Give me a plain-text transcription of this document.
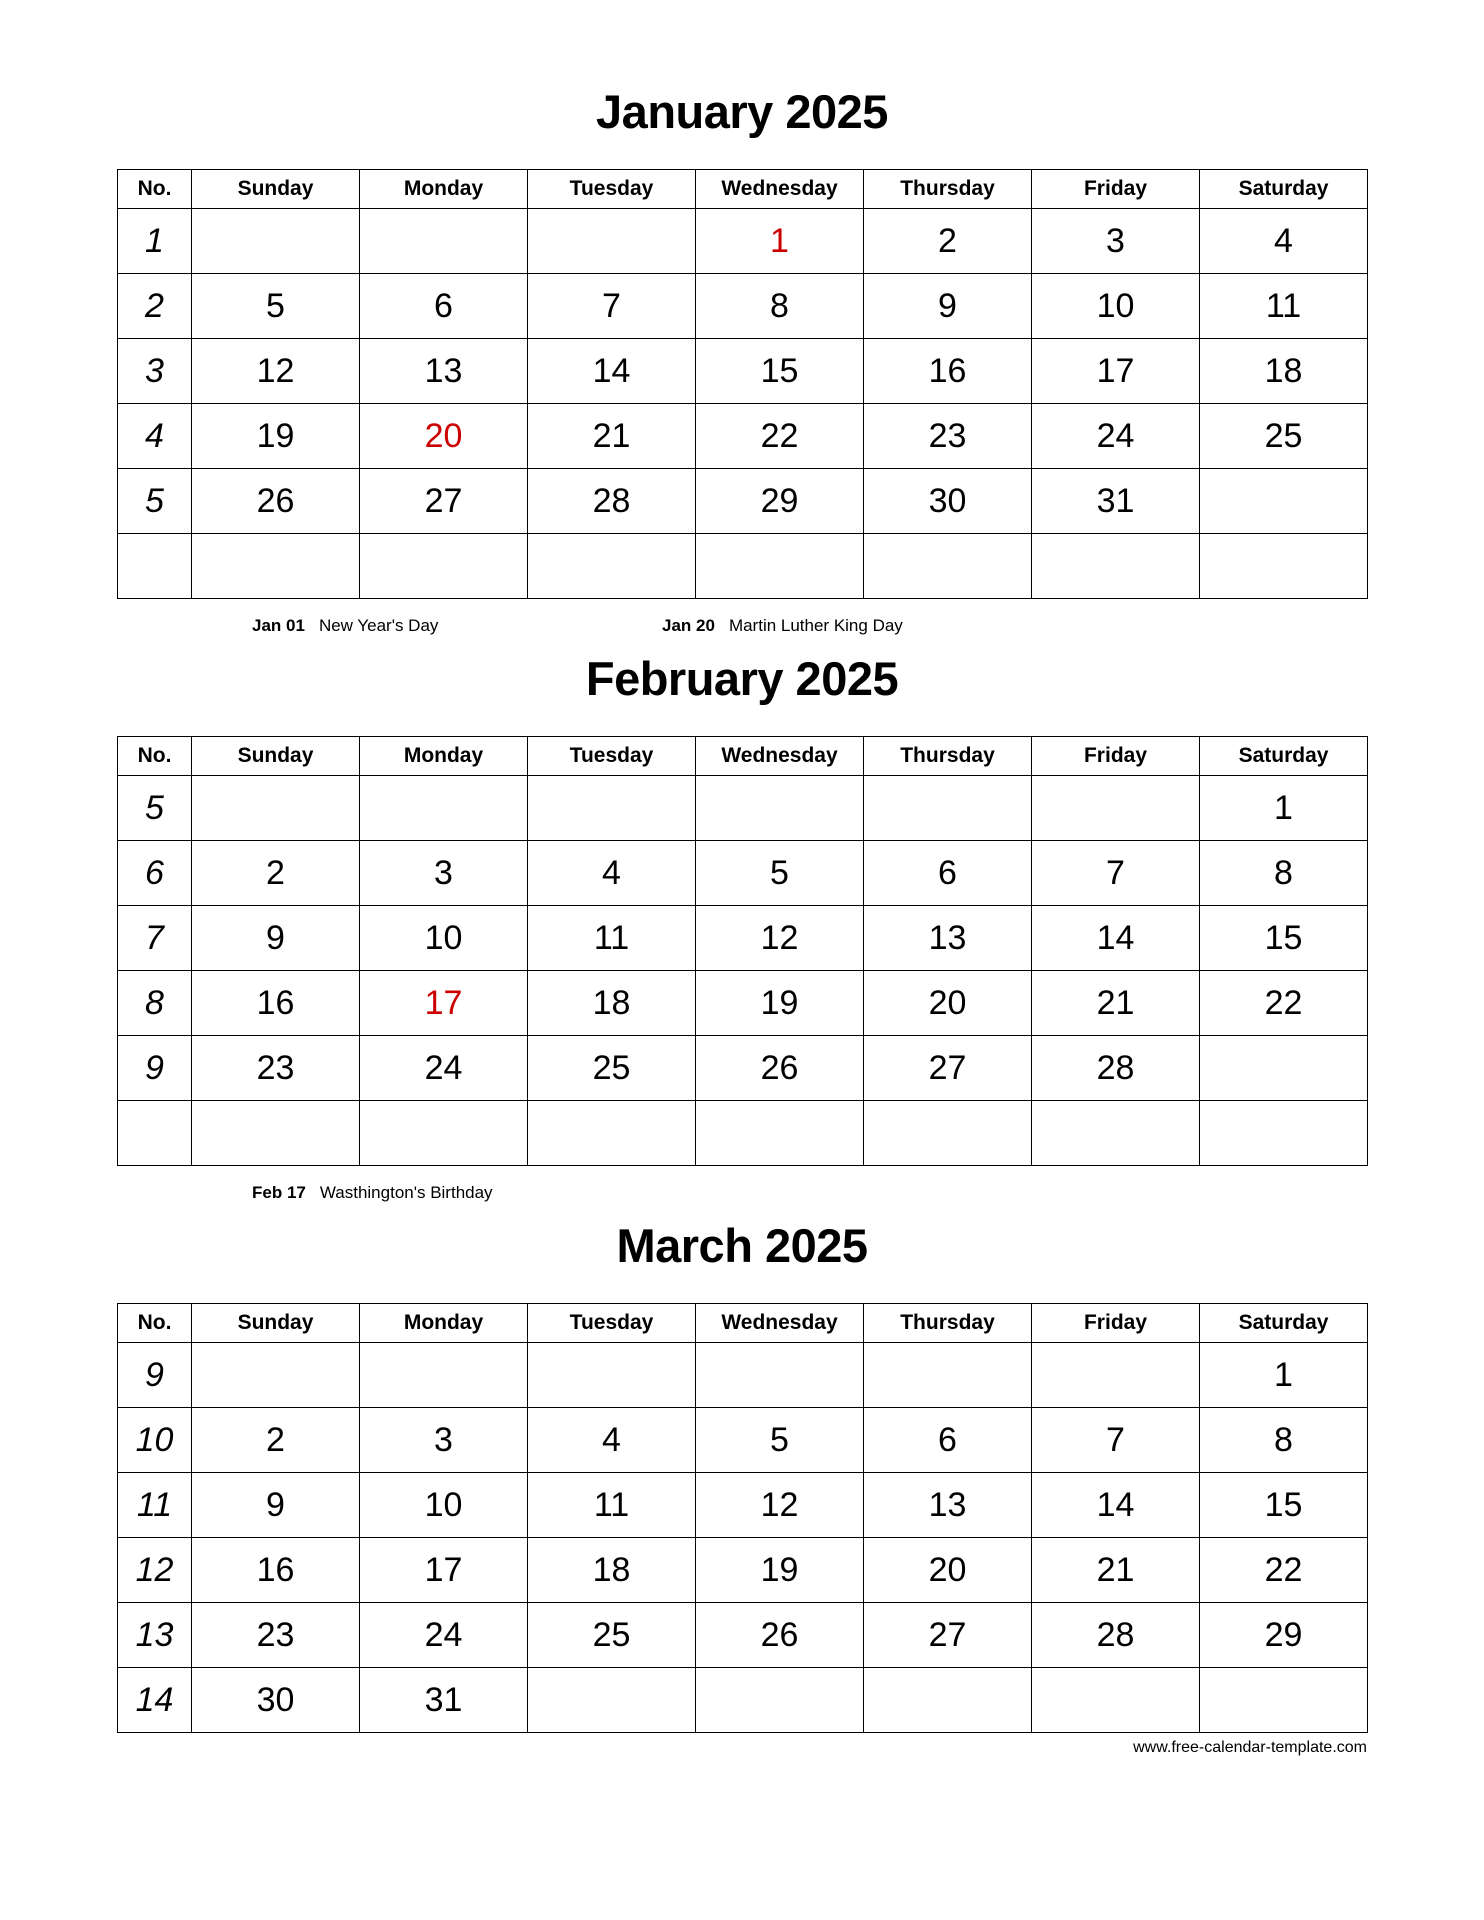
January 2025
No.	Sunday	Monday	Tuesday	Wednesday	Thursday	Friday	Saturday
1				1	2	3	4
2	5	6	7	8	9	10	11
3	12	13	14	15	16	17	18
4	19	20	21	22	23	24	25
5	26	27	28	29	30	31	

Jan 01 New Year's Day	Jan 20 Martin Luther King Day
February 2025
No.	Sunday	Monday	Tuesday	Wednesday	Thursday	Friday	Saturday
5							1
6	2	3	4	5	6	7	8
7	9	10	11	12	13	14	15
8	16	17	18	19	20	21	22
9	23	24	25	26	27	28	

Feb 17 Wasthington's Birthday
March 2025
No.	Sunday	Monday	Tuesday	Wednesday	Thursday	Friday	Saturday
9							1
10	2	3	4	5	6	7	8
11	9	10	11	12	13	14	15
12	16	17	18	19	20	21	22
13	23	24	25	26	27	28	29
14	30	31					
www.free-calendar-template.com
